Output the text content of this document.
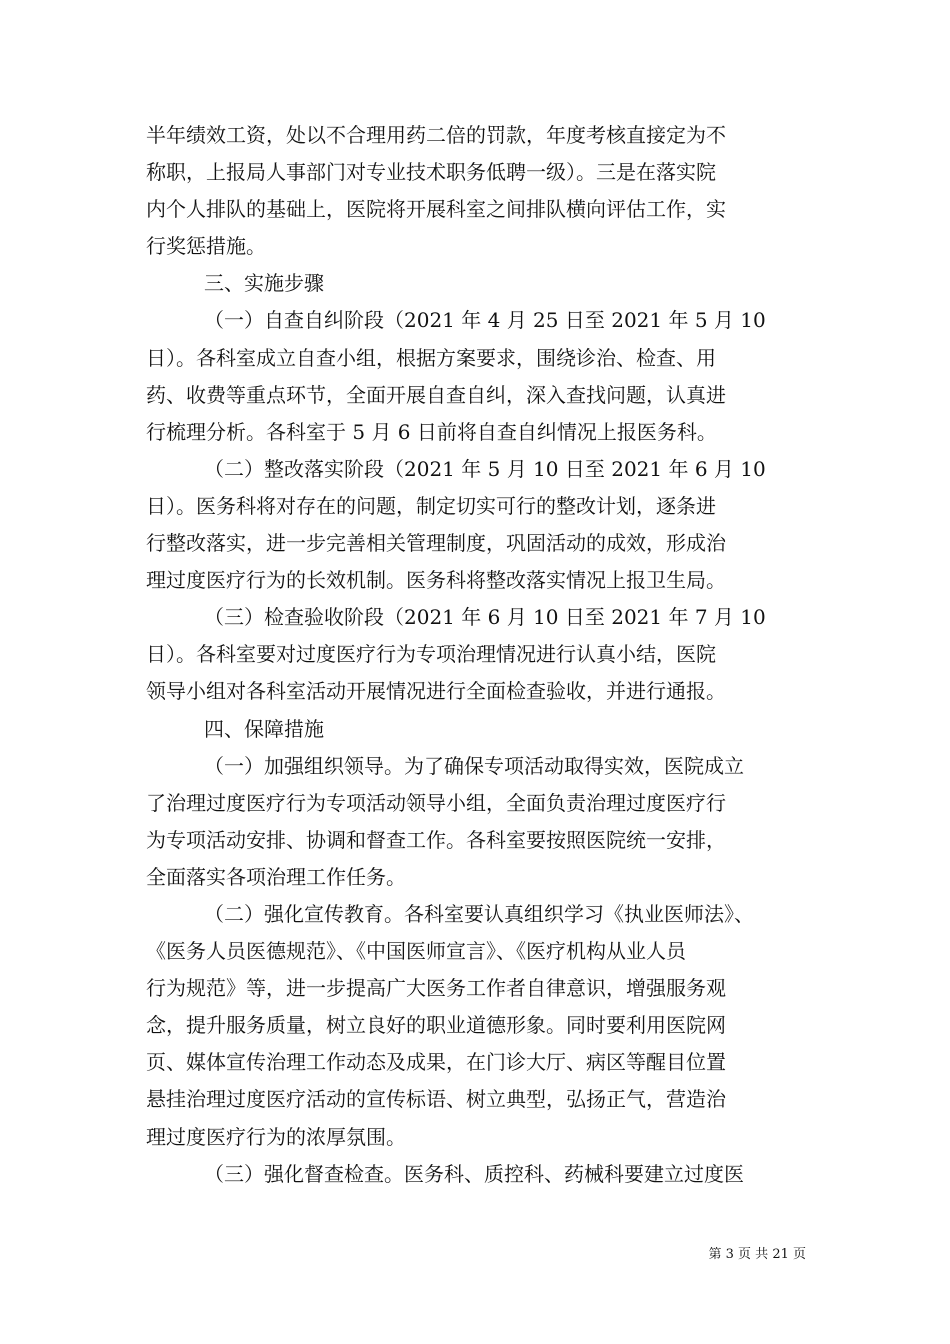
半年绩效工资，处以不合理用药二倍的罚款，年度考核直接定为不
称职，上报局人事部门对专业技术职务低聘一级）。三是在落实院
内个人排队的基础上，医院将开展科室之间排队横向评估工作，实
行奖惩措施。
三、实施步骤
（一）自查自纠阶段（2021 年 4 月 25 日至 2021 年 5 月 10
日）。各科室成立自查小组，根据方案要求，围绕诊治、检查、用
药、收费等重点环节，全面开展自查自纠，深入查找问题，认真进
行梳理分析。各科室于 5 月 6 日前将自查自纠情况上报医务科。
（二）整改落实阶段（2021 年 5 月 10 日至 2021 年 6 月 10
日）。医务科将对存在的问题，制定切实可行的整改计划，逐条进
行整改落实，进一步完善相关管理制度，巩固活动的成效，形成治
理过度医疗行为的长效机制。医务科将整改落实情况上报卫生局。
（三）检查验收阶段（2021 年 6 月 10 日至 2021 年 7 月 10
日）。各科室要对过度医疗行为专项治理情况进行认真小结，医院
领导小组对各科室活动开展情况进行全面检查验收，并进行通报。
四、保障措施
（一）加强组织领导。为了确保专项活动取得实效，医院成立
了治理过度医疗行为专项活动领导小组，全面负责治理过度医疗行
为专项活动安排、协调和督查工作。各科室要按照医院统一安排，
全面落实各项治理工作任务。
（二）强化宣传教育。各科室要认真组织学习《执业医师法》、
《医务人员医德规范》、《中国医师宣言》、《医疗机构从业人员
行为规范》等，进一步提高广大医务工作者自律意识，增强服务观
念，提升服务质量，树立良好的职业道德形象。同时要利用医院网
页、媒体宣传治理工作动态及成果，在门诊大厅、病区等醒目位置
悬挂治理过度医疗活动的宣传标语、树立典型，弘扬正气，营造治
理过度医疗行为的浓厚氛围。
（三）强化督查检查。医务科、质控科、药械科要建立过度医
第 3 页 共 21 页
